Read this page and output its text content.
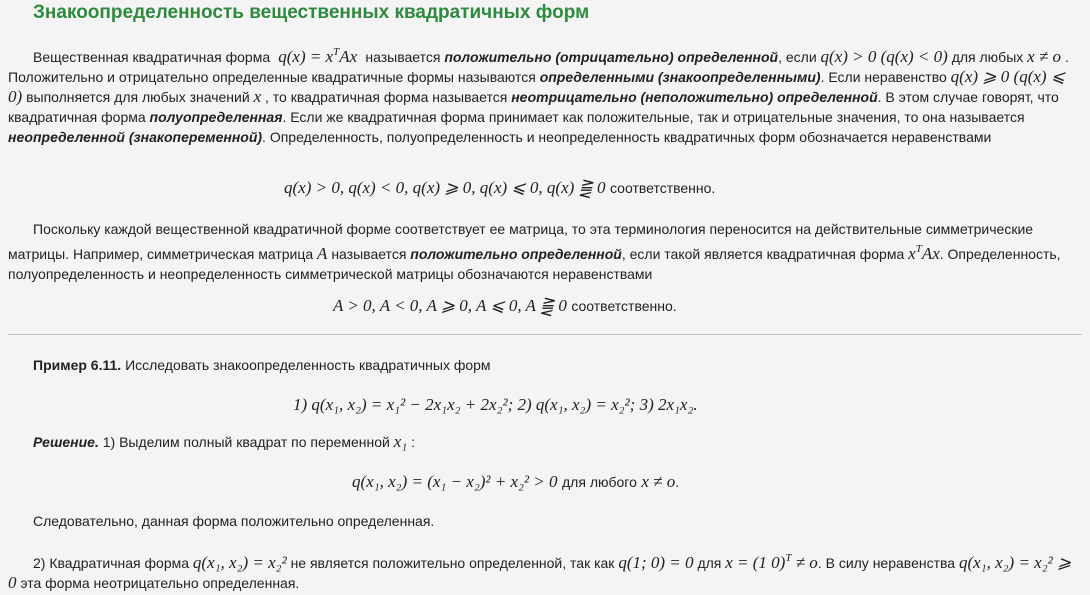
Знакоопределенность вещественных квадратичных форм

Вещественная квадратичная форма $q(x) = x^TAx$ называется положительно (отрицательно) определенной, если q(x) > 0 (q(x) < 0) для любых x ≠ o . Положительно и отрицательно определенные квадратичные формы называются определенными (знакоопределенными). Если неравенство q(x) ⩾ 0 (q(x) ⩽ 0) выполняется для любых значений x , то квадратичная форма называется неотрицательно (неположительно) определенной. В этом случае говорят, что квадратичная форма полуопределенная. Если же квадратичная форма принимает как положительные, так и отрицательные значения, то она называется неопределенной (знакопеременной). Определенность, полуопределенность и неопределенность квадратичных форм обозначается неравенствами

q(x) > 0, q(x) < 0, q(x) ⩾ 0, q(x) ⩽ 0, q(x) ⪌ 0 соответственно.

Поскольку каждой вещественной квадратичной форме соответствует ее матрица, то эта терминология переносится на действительные симметрические матрицы. Например, симметрическая матрица A называется положительно определенной, если такой является квадратичная форма $x^TAx$. Определенность, полуопределенность и неопределенность симметрической матрицы обозначаются неравенствами

A > 0, A < 0, A ⩾ 0, A ⩽ 0, A ⪌ 0 соответственно.

Пример 6.11. Исследовать знакоопределенность квадратичных форм

1) q(x₁, x₂) = x₁² − 2x₁x₂ + 2x₂²; 2) q(x₁, x₂) = x₂²; 3) 2x₁x₂.

Решение. 1) Выделим полный квадрат по переменной x₁ :

q(x₁, x₂) = (x₁ − x₂)² + x₂² > 0 для любого x ≠ o.

Следовательно, данная форма положительно определенная.

2) Квадратичная форма q(x₁, x₂) = x₂² не является положительно определенной, так как q(1; 0) = 0 для x = (1 0)$^T$ ≠ o. В силу неравенства q(x₁, x₂) = x₂² ⩾ 0 эта форма неотрицательно определенная.
